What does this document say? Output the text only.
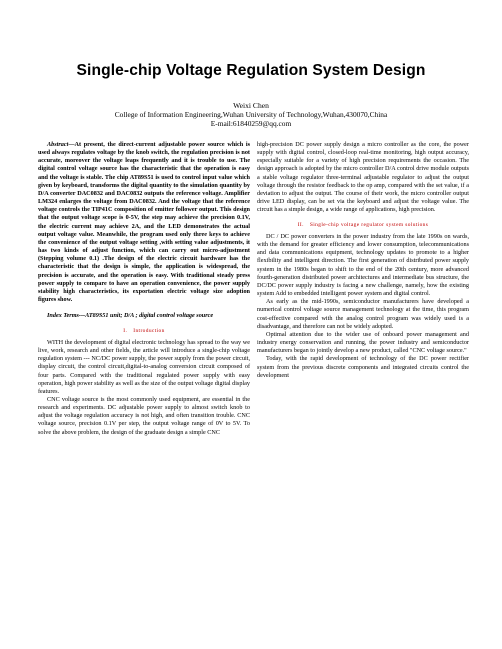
Single-chip Voltage Regulation System Design
Weixi Chen
College of Information Engineering,Wuhan University of Technology,Wuhan,430070,China
E-mail:61840259@qq.com

Abstract—At present, the direct-current adjustable power source which is used always regulates voltage by the knob switch, the regulation precision is not accurate, moreover the voltage leaps frequently and it is trouble to use. The digital control voltage source has the characteristic that the operation is easy and the voltage is stable. The chip AT89S51 is used to control input value which given by keyboard, transforms the digital quantity to the simulation quantity by D/A converter DAC0832 and DAC0832 outputs the reference voltage. Amplifier LM324 enlarges the voltage from DAC0832. And the voltage that the reference voltage controls the TIP41C composition of emitter follower output. This design that the output voltage scope is 0-5V, the step may achieve the precision 0.1V, the electric current may achieve 2A, and the LED demonstrates the actual output voltage value. Meanwhile, the program used only three keys to achieve the convenience of the output voltage setting ,with setting value adjustments, it has two kinds of adjust function, which can carry out micro-adjustment (Stepping volume 0.1) .The design of the electric circuit hardware has the characteristic that the design is simple, the application is widespread, the precision is accurate, and the operation is easy. With traditional steady press power supply to compare to have an operation convenience, the power supply stability high characteristics, its exportation electric voltage size adoption figures show.

Index Terms---AT89S51 unit; D/A ; digital control voltage source

I. Introduction

WITH the development of digital electronic technology has spread to the way we live, work, research and other fields, the article will introduce a single-chip voltage regulation system --- NC/DC power supply, the power supply from the power circuit, display circuit, the control circuit,digital-to-analog conversion circuit composed of four parts. Compared with the traditional regulated power supply with easy operation, high power stability as well as the size of the output voltage digital display features.

CNC voltage source is the most commonly used equipment, are essential in the research and experiments. DC adjustable power supply to almost switch knob to adjust the voltage regulation accuracy is not high, and often transition trouble. CNC voltage source, precision 0.1V per step, the output voltage range of 0V to 5V. To solve the above problem, the design of the graduate design a simple CNC

high-precision DC power supply design a micro controller as the core, the power supply with digital control, closed-loop real-time monitoring, high output accuracy, especially suitable for a variety of high precision requirements the occasion. The design approach is adopted by the micro controller D/A control drive module outputs a stable voltage regulator three-terminal adjustable regulator to adjust the output voltage through the resistor feedback to the op amp, compared with the set value, if a deviation to adjust the output. The course of their work, the micro controller output drive LED display, can be set via the keyboard and adjust the voltage value. The circuit has a simple design, a wide range of applications, high precision.

II. Single-chip voltage regulator system solutions

DC / DC power converters in the power industry from the late 1990s on wards, with the demand for greater efficiency and lower consumption, telecommunications and data communications equipment, technology updates to promote to a higher flexibility and intelligent direction. The first generation of distributed power supply system in the 1980s began to shift to the end of the 20th century, more advanced fourth-generation distributed power architectures and intermediate bus structure, the DC/DC power supply industry is facing a new challenge, namely, how the existing system Add to embedded intelligent power system and digital control.

As early as the mid-1990s, semiconductor manufacturers have developed a numerical control voltage source management technology at the time, this program cost-effective compared with the analog control program was widely used is a disadvantage, and therefore can not be widely adopted.

Optimal attention due to the wider use of onboard power management and industry energy conservation and running, the power industry and semiconductor manufacturers began to jointly develop a new product, called "CNC voltage source."

Today, with the rapid development of technology of the DC power rectifier system from the previous discrete components and integrated circuits control the development
